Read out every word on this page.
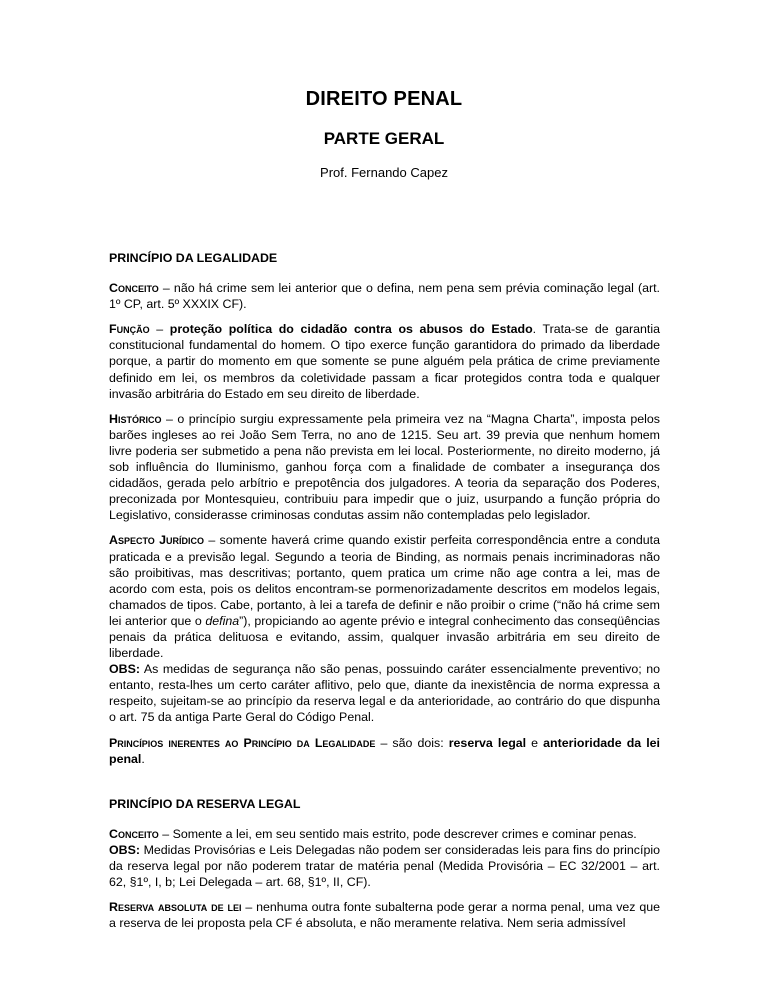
DIREITO PENAL
PARTE GERAL
Prof. Fernando Capez
PRINCÍPIO DA LEGALIDADE

Conceito – não há crime sem lei anterior que o defina, nem pena sem prévia cominação legal (art. 1º CP, art. 5º XXXIX CF).

Função – proteção política do cidadão contra os abusos do Estado. Trata-se de garantia constitucional fundamental do homem. O tipo exerce função garantidora do primado da liberdade porque, a partir do momento em que somente se pune alguém pela prática de crime previamente definido em lei, os membros da coletividade passam a ficar protegidos contra toda e qualquer invasão arbitrária do Estado em seu direito de liberdade.

Histórico – o princípio surgiu expressamente pela primeira vez na “Magna Charta”, imposta pelos barões ingleses ao rei João Sem Terra, no ano de 1215. Seu art. 39 previa que nenhum homem livre poderia ser submetido a pena não prevista em lei local. Posteriormente, no direito moderno, já sob influência do Iluminismo, ganhou força com a finalidade de combater a insegurança dos cidadãos, gerada pelo arbítrio e prepotência dos julgadores. A teoria da separação dos Poderes, preconizada por Montesquieu, contribuiu para impedir que o juiz, usurpando a função própria do Legislativo, considerasse criminosas condutas assim não contempladas pelo legislador.

Aspecto Jurídico – somente haverá crime quando existir perfeita correspondência entre a conduta praticada e a previsão legal. Segundo a teoria de Binding, as normais penais incriminadoras não são proibitivas, mas descritivas; portanto, quem pratica um crime não age contra a lei, mas de acordo com esta, pois os delitos encontram-se pormenorizadamente descritos em modelos legais, chamados de tipos. Cabe, portanto, à lei a tarefa de definir e não proibir o crime (“não há crime sem lei anterior que o defina”), propiciando ao agente prévio e integral conhecimento das conseqüências penais da prática delituosa e evitando, assim, qualquer invasão arbitrária em seu direito de liberdade.

OBS: As medidas de segurança não são penas, possuindo caráter essencialmente preventivo; no entanto, resta-lhes um certo caráter aflitivo, pelo que, diante da inexistência de norma expressa a respeito, sujeitam-se ao princípio da reserva legal e da anterioridade, ao contrário do que dispunha o art. 75 da antiga Parte Geral do Código Penal.

Princípios inerentes ao Princípio da Legalidade – são dois: reserva legal e anterioridade da lei penal.

PRINCÍPIO DA RESERVA LEGAL

Conceito – Somente a lei, em seu sentido mais estrito, pode descrever crimes e cominar penas.

OBS: Medidas Provisórias e Leis Delegadas não podem ser consideradas leis para fins do princípio da reserva legal por não poderem tratar de matéria penal (Medida Provisória – EC 32/2001 – art. 62, §1º, I, b; Lei Delegada – art. 68, §1º, II, CF).

Reserva absoluta de lei – nenhuma outra fonte subalterna pode gerar a norma penal, uma vez que a reserva de lei proposta pela CF é absoluta, e não meramente relativa. Nem seria admissível
